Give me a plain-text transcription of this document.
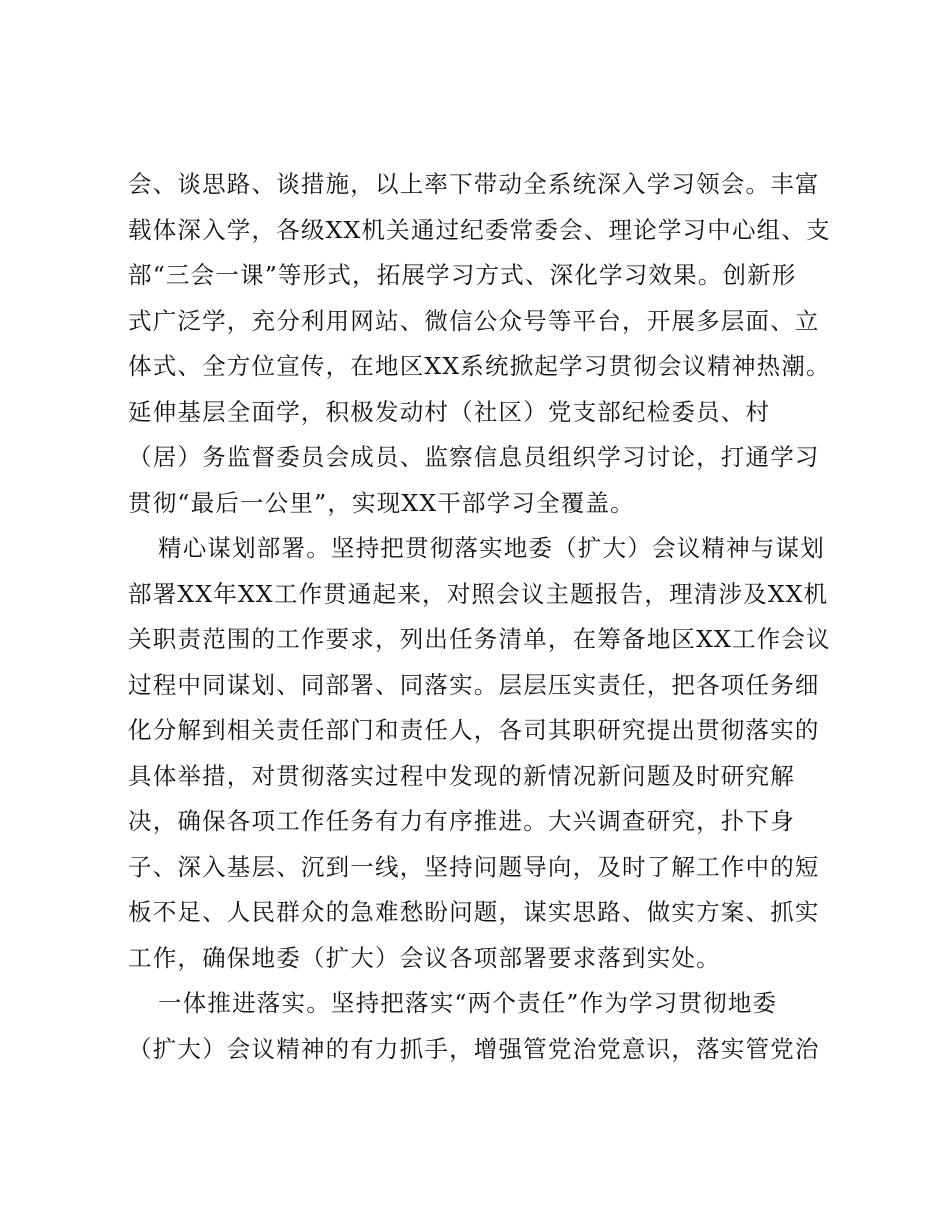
会、谈思路、谈措施，以上率下带动全系统深入学习领会。丰富
载体深入学，各级XX机关通过纪委常委会、理论学习中心组、支
部“三会一课”等形式，拓展学习方式、深化学习效果。创新形
式广泛学，充分利用网站、微信公众号等平台，开展多层面、立
体式、全方位宣传，在地区XX系统掀起学习贯彻会议精神热潮。
延伸基层全面学，积极发动村（社区）党支部纪检委员、村
（居）务监督委员会成员、监察信息员组织学习讨论，打通学习
贯彻“最后一公里”，实现XX干部学习全覆盖。
精心谋划部署。坚持把贯彻落实地委（扩大）会议精神与谋划
部署XX年XX工作贯通起来，对照会议主题报告，理清涉及XX机
关职责范围的工作要求，列出任务清单，在筹备地区XX工作会议
过程中同谋划、同部署、同落实。层层压实责任，把各项任务细
化分解到相关责任部门和责任人，各司其职研究提出贯彻落实的
具体举措，对贯彻落实过程中发现的新情况新问题及时研究解
决，确保各项工作任务有力有序推进。大兴调查研究，扑下身
子、深入基层、沉到一线，坚持问题导向，及时了解工作中的短
板不足、人民群众的急难愁盼问题，谋实思路、做实方案、抓实
工作，确保地委（扩大）会议各项部署要求落到实处。
一体推进落实。坚持把落实“两个责任”作为学习贯彻地委
（扩大）会议精神的有力抓手，增强管党治党意识，落实管党治
